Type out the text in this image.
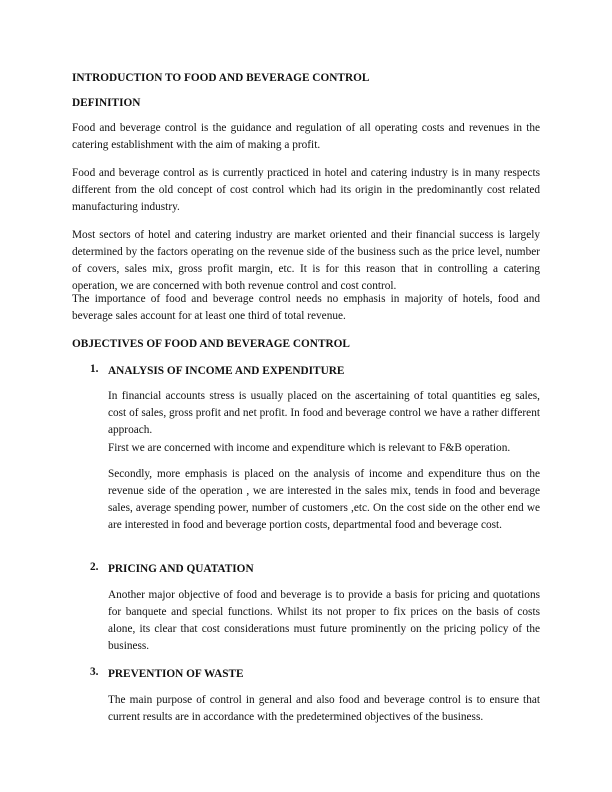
INTRODUCTION TO FOOD AND BEVERAGE CONTROL
DEFINITION

Food and beverage control is the guidance and regulation of all operating costs and revenues in the catering establishment with the aim of making a profit.

Food and beverage control as is currently practiced in hotel and catering industry is in many respects different from the old concept of cost control which had its origin in the predominantly cost related manufacturing industry.

Most sectors of hotel and catering industry are market oriented and their financial success is largely determined by the factors operating on the revenue side of the business such as the price level, number of covers, sales mix, gross profit margin, etc. It is for this reason that in controlling a catering operation, we are concerned with both revenue control and cost control.

The importance of food and beverage control needs no emphasis in majority of hotels, food and beverage sales account for at least one third of total revenue.

OBJECTIVES OF FOOD AND BEVERAGE CONTROL
1. ANALYSIS OF INCOME AND EXPENDITURE

In financial accounts stress is usually placed on the ascertaining of total quantities eg sales, cost of sales, gross profit and net profit. In food and beverage control we have a rather different approach.

First we are concerned with income and expenditure which is relevant to F&B operation.

Secondly, more emphasis is placed on the analysis of income and expenditure thus on the revenue side of the operation , we are interested in the sales mix, tends in food and beverage sales, average spending power, number of customers ,etc. On the cost side on the other end we are interested in food and beverage portion costs, departmental food and beverage cost.

2. PRICING AND QUATATION

Another major objective of food and beverage is to provide a basis for pricing and quotations for banquete and special functions. Whilst its not proper to fix prices on the basis of costs alone, its clear that cost considerations must future prominently on the pricing policy of the business.

3. PREVENTION OF WASTE

The main purpose of control in general and also food and beverage control is to ensure that current results are in accordance with the predetermined objectives of the business.
